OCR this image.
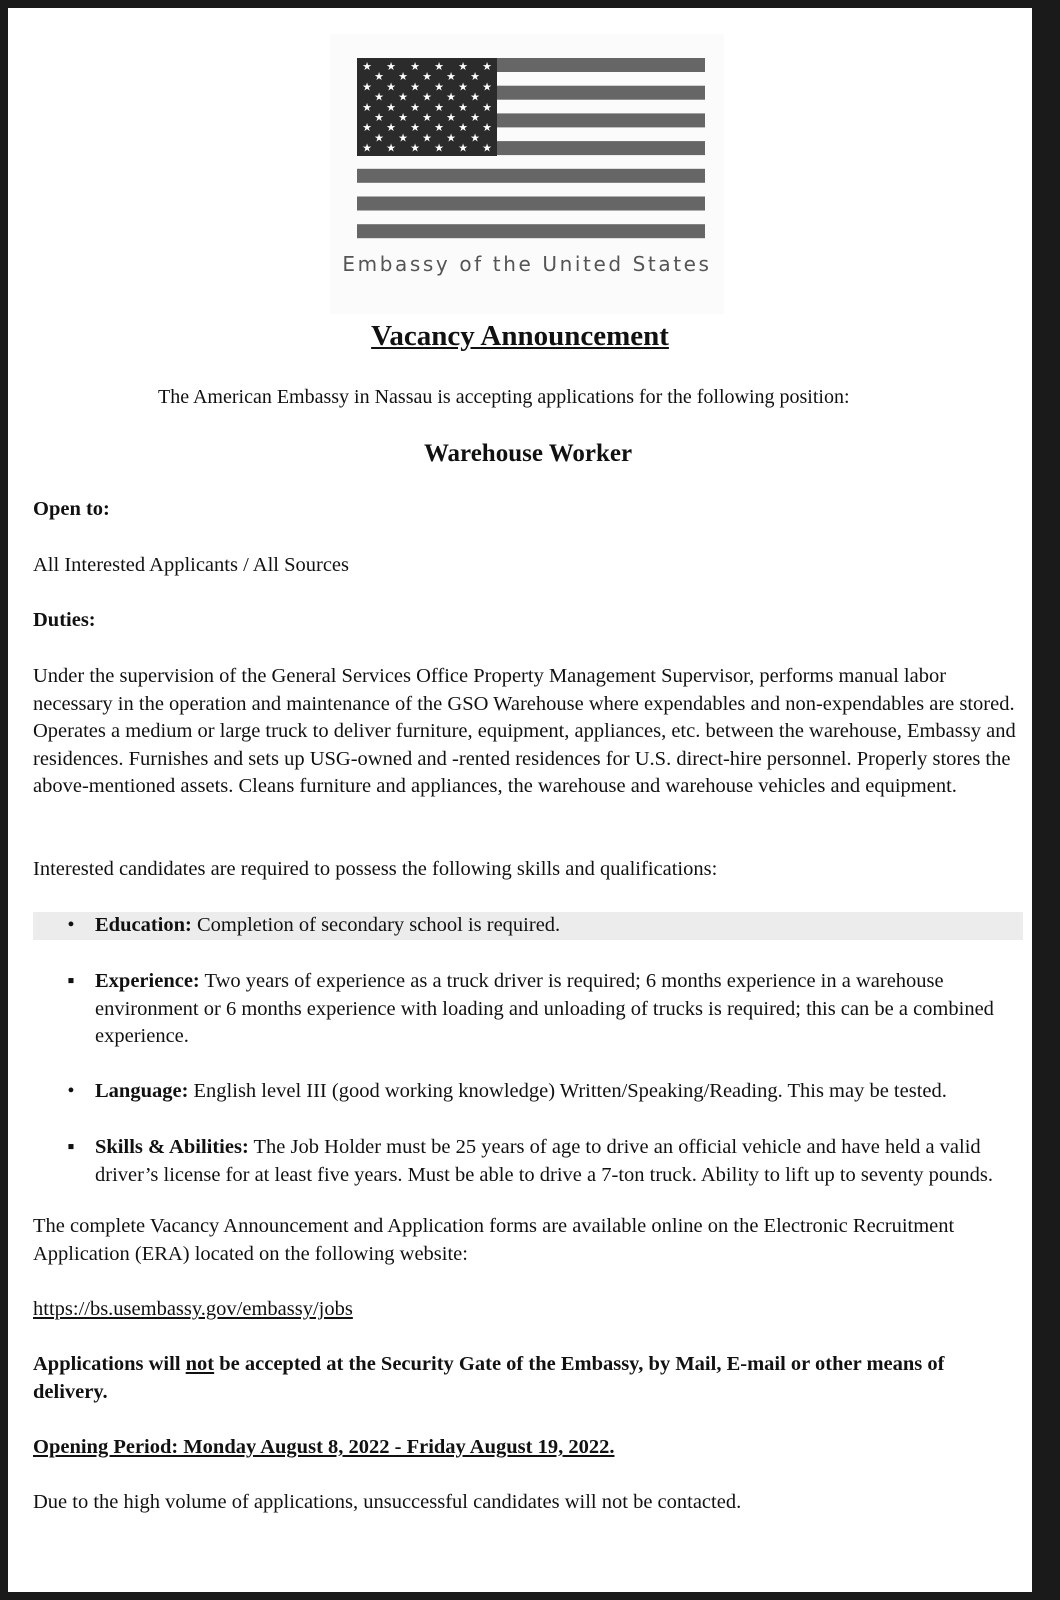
★ ★ ★ ★ ★ ★
★ ★ ★ ★ ★
★ ★ ★ ★ ★ ★
★ ★ ★ ★ ★
★ ★ ★ ★ ★ ★
★ ★ ★ ★ ★
★ ★ ★ ★ ★ ★
★ ★ ★ ★ ★
★ ★ ★ ★ ★ ★
Embassy of the United States
Vacancy Announcement
The American Embassy in Nassau is accepting applications for the following position:
Warehouse Worker
Open to:
All Interested Applicants / All Sources
Duties:
Under the supervision of the General Services Office Property Management Supervisor, performs manual labor necessary in the operation and maintenance of the GSO Warehouse where expendables and non-expendables are stored. Operates a medium or large truck to deliver furniture, equipment, appliances, etc. between the warehouse, Embassy and residences. Furnishes and sets up USG-owned and -rented residences for U.S. direct-hire personnel. Properly stores the above-mentioned assets. Cleans furniture and appliances, the warehouse and warehouse vehicles and equipment.
Interested candidates are required to possess the following skills and qualifications:
• Education: Completion of secondary school is required.
▪ Experience: Two years of experience as a truck driver is required; 6 months experience in a warehouse environment or 6 months experience with loading and unloading of trucks is required; this can be a combined experience.
• Language: English level III (good working knowledge) Written/Speaking/Reading. This may be tested.
▪ Skills & Abilities: The Job Holder must be 25 years of age to drive an official vehicle and have held a valid driver’s license for at least five years. Must be able to drive a 7-ton truck. Ability to lift up to seventy pounds.
The complete Vacancy Announcement and Application forms are available online on the Electronic Recruitment Application (ERA) located on the following website:
https://bs.usembassy.gov/embassy/jobs
Applications will not be accepted at the Security Gate of the Embassy, by Mail, E-mail or other means of delivery.
Opening Period: Monday August 8, 2022 - Friday August 19, 2022.
Due to the high volume of applications, unsuccessful candidates will not be contacted.
